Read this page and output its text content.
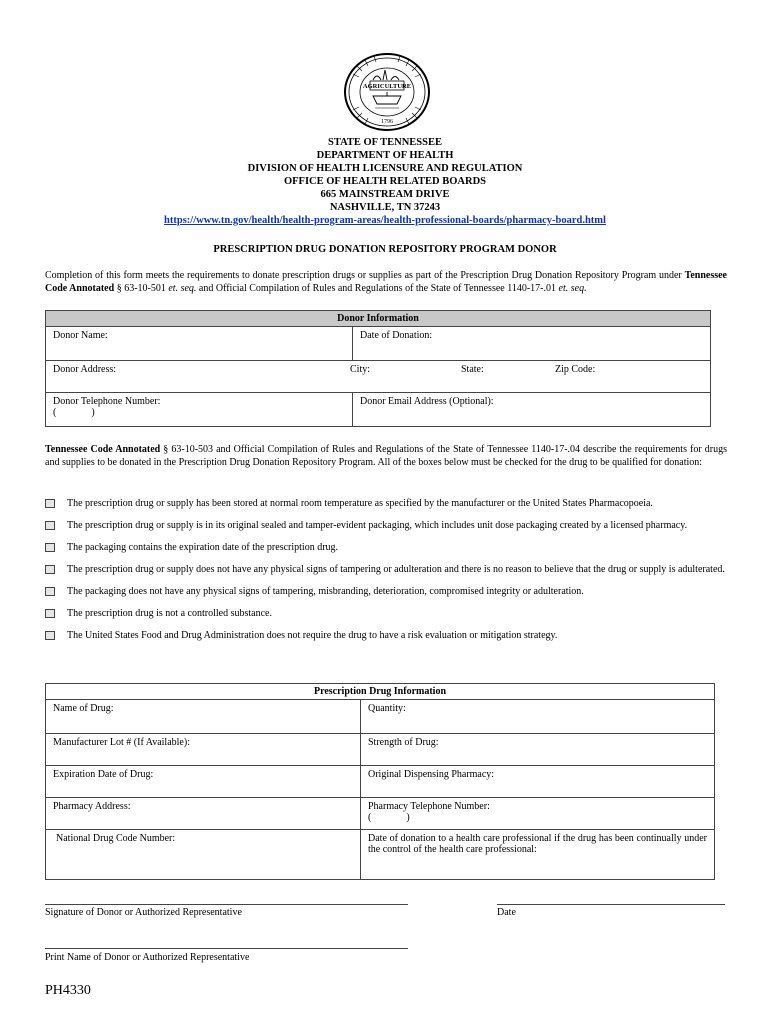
AGRICULTURE
1796
STATE OF TENNESSEE
DEPARTMENT OF HEALTH
DIVISION OF HEALTH LICENSURE AND REGULATION
OFFICE OF HEALTH RELATED BOARDS
665 MAINSTREAM DRIVE
NASHVILLE, TN 37243
https://www.tn.gov/health/health-program-areas/health-professional-boards/pharmacy-board.html
PRESCRIPTION DRUG DONATION REPOSITORY PROGRAM DONOR
Completion of this form meets the requirements to donate prescription drugs or supplies as part of the Prescription Drug Donation Repository Program under Tennessee Code Annotated § 63-10-501 et. seq. and Official Compilation of Rules and Regulations of the State of Tennessee 1140-17-.01 et. seq.
Donor Information	
Donor Name:	Date of Donation:
Donor Address: City: State: Zip Code:	

Donor Telephone Number:
(              )	Donor Email Address (Optional):
Tennessee Code Annotated § 63-10-503 and Official Compilation of Rules and Regulations of the State of Tennessee 1140-17-.04 describe the requirements for drugs and supplies to be donated in the Prescription Drug Donation Repository Program. All of the boxes below must be checked for the drug to be qualified for donation:
The prescription drug or supply has been stored at normal room temperature as specified by the manufacturer or the United States Pharmacopoeia.
The prescription drug or supply is in its original sealed and tamper-evident packaging, which includes unit dose packaging created by a licensed pharmacy.
The packaging contains the expiration date of the prescription drug.
The prescription drug or supply does not have any physical signs of tampering or adulteration and there is no reason to believe that the drug or supply is adulterated.
The packaging does not have any physical signs of tampering, misbranding, deterioration, compromised integrity or adulteration.
The prescription drug is not a controlled substance.
The United States Food and Drug Administration does not require the drug to have a risk evaluation or mitigation strategy.
Prescription Drug Information	
Name of Drug:	Quantity:
Manufacturer Lot # (If Available):	Strength of Drug:
Expiration Date of Drug:	Original Dispensing Pharmacy:
Pharmacy Address:	Pharmacy Telephone Number:
(              )

National Drug Code Number:	Date of donation to a health care professional if the drug has been continually under the control of the health care professional:
Signature of Donor or Authorized Representative	Date
Print Name of Donor or Authorized Representative
PH4330
